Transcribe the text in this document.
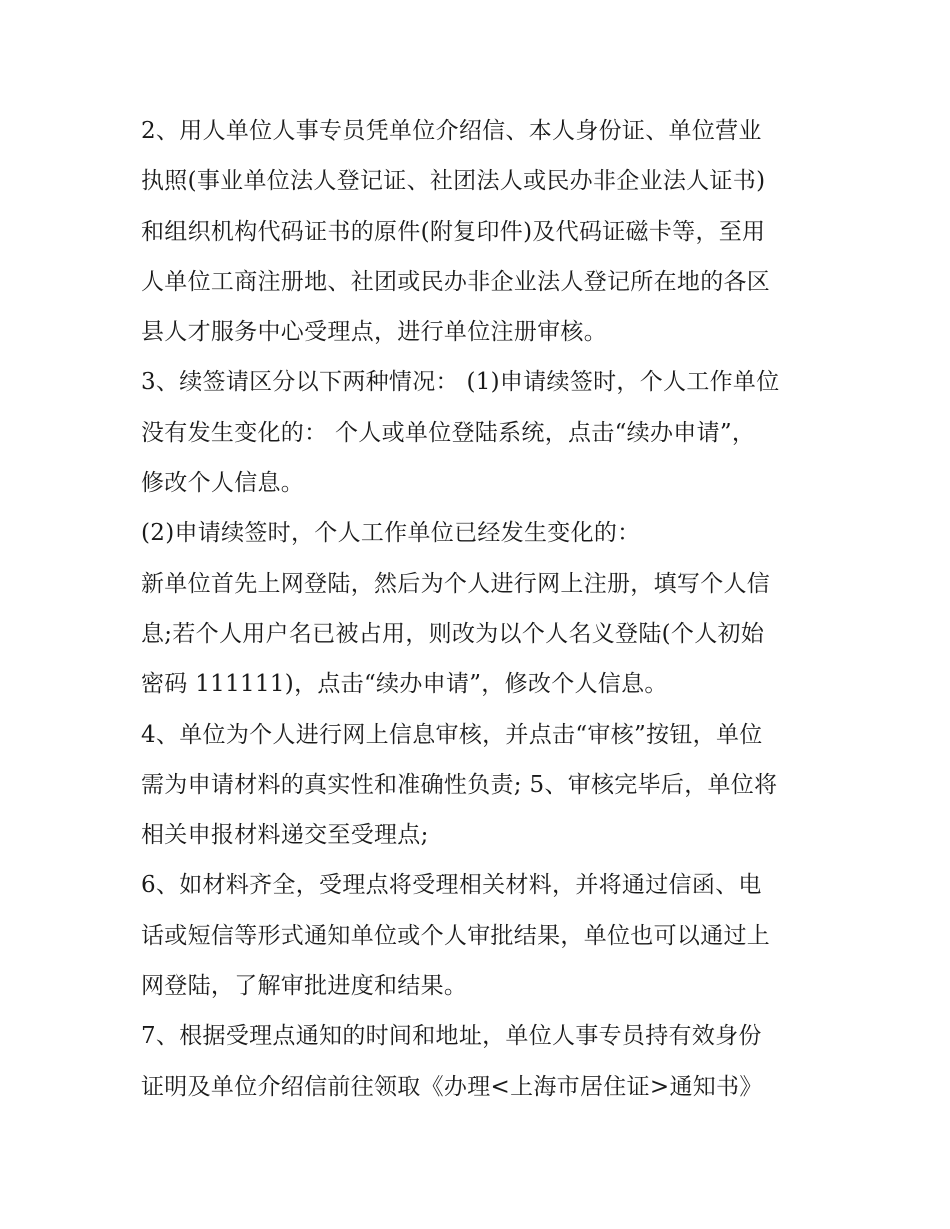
2、用人单位人事专员凭单位介绍信、本人身份证、单位营业
执照(事业单位法人登记证、社团法人或民办非企业法人证书)
和组织机构代码证书的原件(附复印件)及代码证磁卡等，至用
人单位工商注册地、社团或民办非企业法人登记所在地的各区
县人才服务中心受理点，进行单位注册审核。
3、续签请区分以下两种情况： (1)申请续签时，个人工作单位
没有发生变化的： 个人或单位登陆系统，点击“续办申请”，
修改个人信息。
(2)申请续签时，个人工作单位已经发生变化的：
新单位首先上网登陆，然后为个人进行网上注册，填写个人信
息;若个人用户名已被占用，则改为以个人名义登陆(个人初始
密码 111111)，点击“续办申请”，修改个人信息。
4、单位为个人进行网上信息审核，并点击“审核”按钮，单位
需为申请材料的真实性和准确性负责; 5、审核完毕后，单位将
相关申报材料递交至受理点;
6、如材料齐全，受理点将受理相关材料，并将通过信函、电
话或短信等形式通知单位或个人审批结果，单位也可以通过上
网登陆，了解审批进度和结果。
7、根据受理点通知的时间和地址，单位人事专员持有效身份
证明及单位介绍信前往领取《办理<上海市居住证>通知书》
